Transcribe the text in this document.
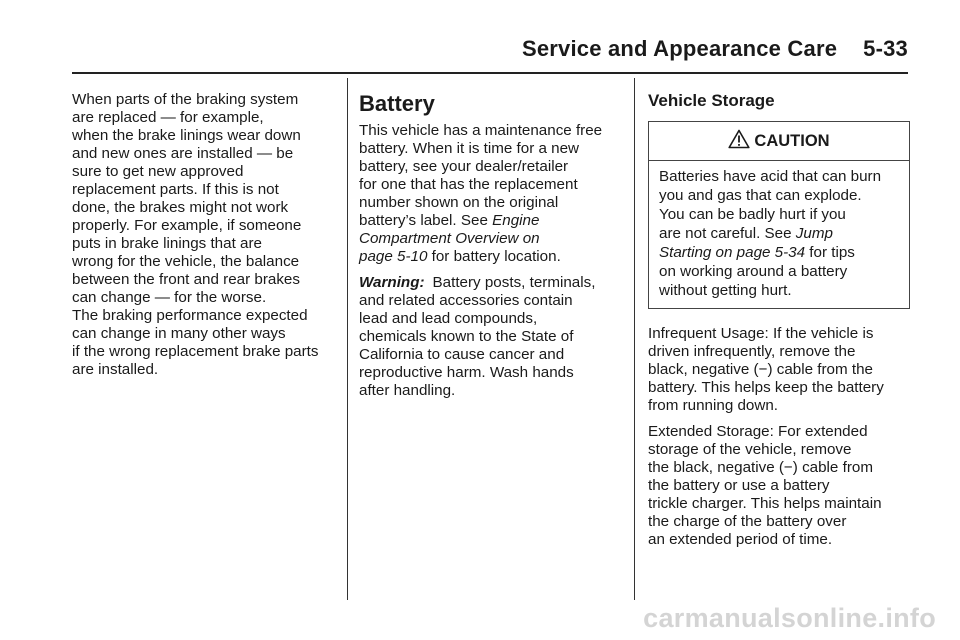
Service and Appearance Care 5-33
When parts of the braking system
are replaced — for example,
when the brake linings wear down
and new ones are installed — be
sure to get new approved
replacement parts. If this is not
done, the brakes might not work
properly. For example, if someone
puts in brake linings that are
wrong for the vehicle, the balance
between the front and rear brakes
can change — for the worse.
The braking performance expected
can change in many other ways
if the wrong replacement brake parts
are installed.
Battery
This vehicle has a maintenance free
battery. When it is time for a new
battery, see your dealer/retailer
for one that has the replacement
number shown on the original
battery’s label. See Engine
Compartment Overview on
page 5-10 for battery location.
Warning: Battery posts, terminals,
and related accessories contain
lead and lead compounds,
chemicals known to the State of
California to cause cancer and
reproductive harm. Wash hands
after handling.
Vehicle Storage
CAUTION
Batteries have acid that can burn
you and gas that can explode.
You can be badly hurt if you
are not careful. See Jump
Starting on page 5-34 for tips
on working around a battery
without getting hurt.
Infrequent Usage: If the vehicle is
driven infrequently, remove the
black, negative (−) cable from the
battery. This helps keep the battery
from running down.
Extended Storage: For extended
storage of the vehicle, remove
the black, negative (−) cable from
the battery or use a battery
trickle charger. This helps maintain
the charge of the battery over
an extended period of time.
carmanualsonline.info
